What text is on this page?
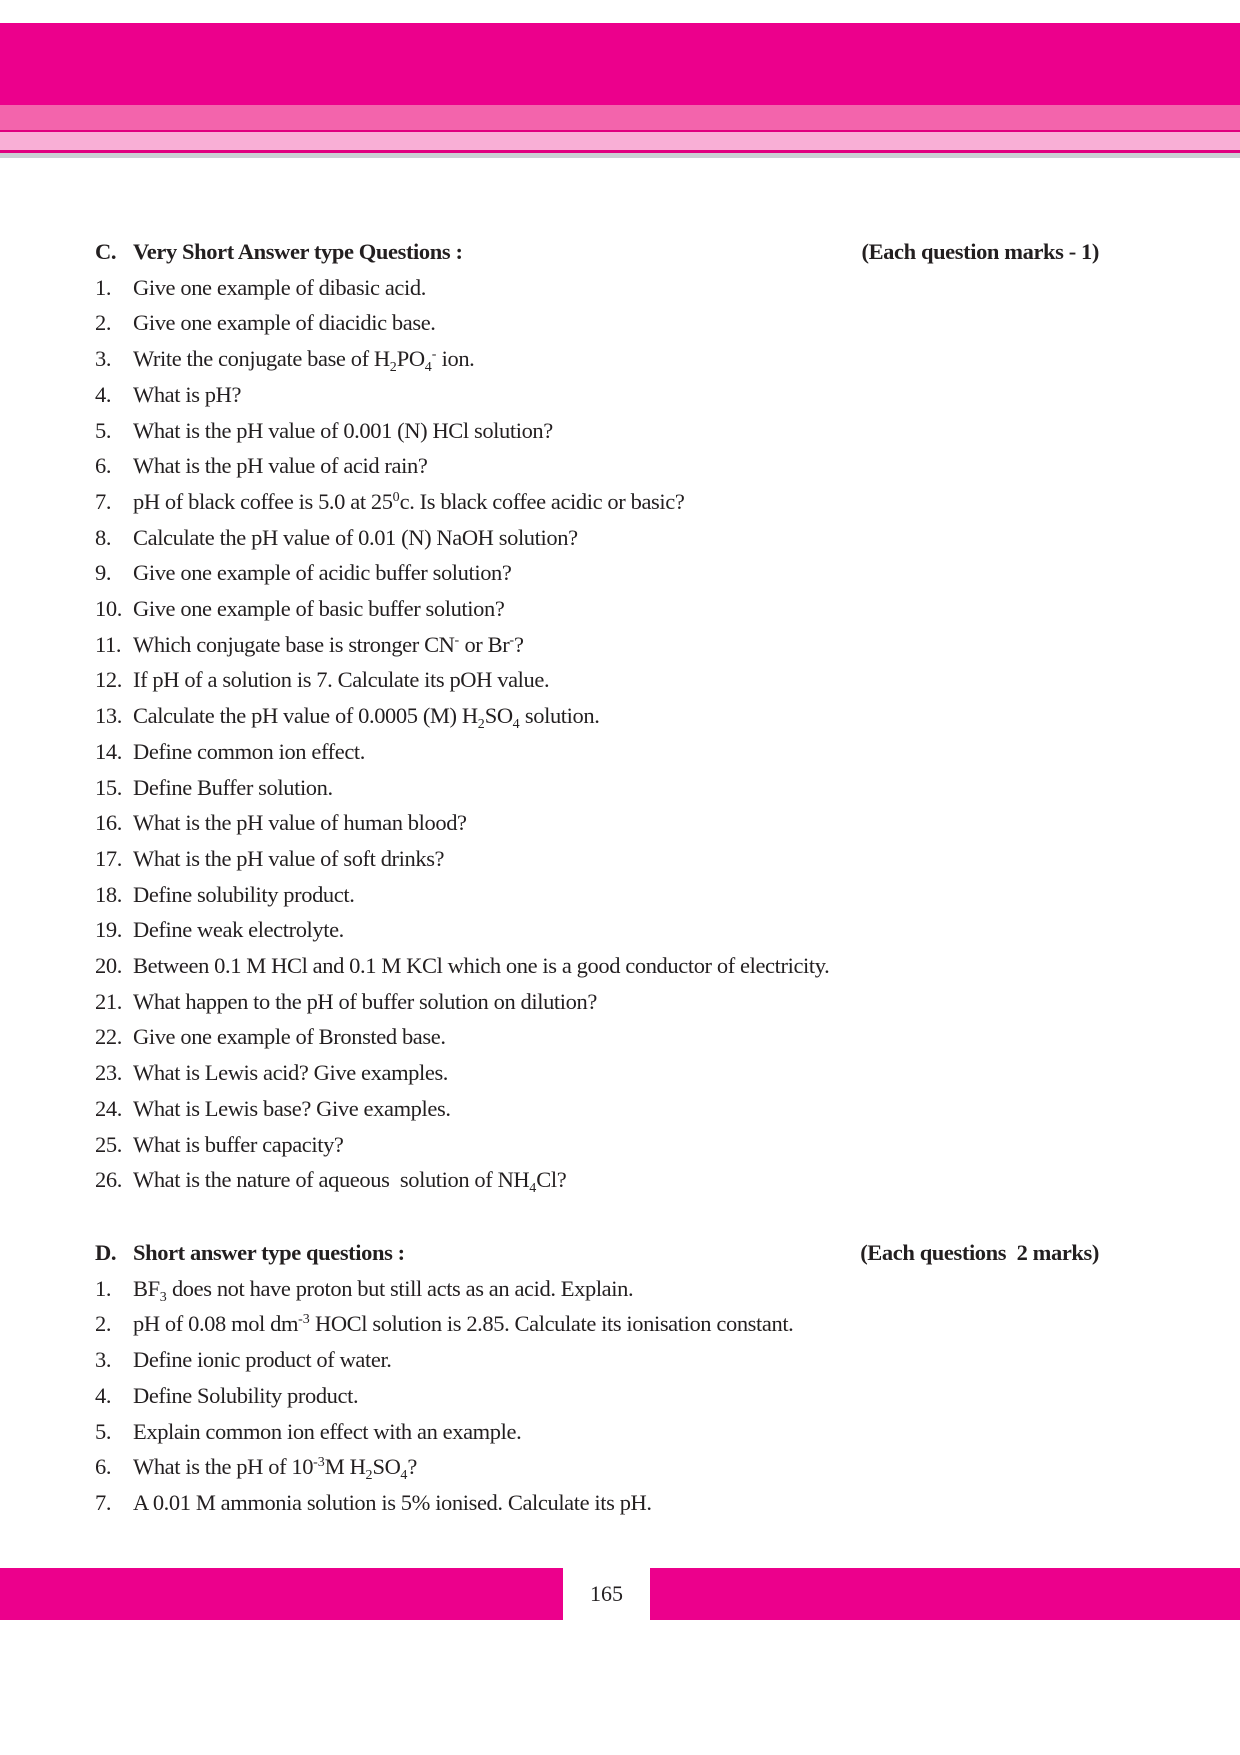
C. Very Short Answer type Questions :	(Each question marks - 1)
1. Give one example of dibasic acid.
2. Give one example of diacidic base.
3. Write the conjugate base of $H_2PO_4^-$ ion.
4. What is pH?
5. What is the pH value of 0.001 (N) HCl solution?
6. What is the pH value of acid rain?
7. pH of black coffee is 5.0 at $25^0c$. Is black coffee acidic or basic?
8. Calculate the pH value of 0.01 (N) NaOH solution?
9. Give one example of acidic buffer solution?
10. Give one example of basic buffer solution?
11. Which conjugate base is stronger CN- or Br-?
12. If pH of a solution is 7. Calculate its pOH value.
13. Calculate the pH value of 0.0005 (M) $H_2SO_4$ solution.
14. Define common ion effect.
15. Define Buffer solution.
16. What is the pH value of human blood?
17. What is the pH value of soft drinks?
18. Define solubility product.
19. Define weak electrolyte.
20. Between 0.1 M HCl and 0.1 M KCl which one is a good conductor of electricity.
21. What happen to the pH of buffer solution on dilution?
22. Give one example of Bronsted base.
23. What is Lewis acid? Give examples.
24. What is Lewis base? Give examples.
25. What is buffer capacity?
26. What is the nature of aqueous  solution of $NH_4Cl$?
D. Short answer type questions :	(Each questions  2 marks)
1. $BF_3$ does not have proton but still acts as an acid. Explain.
2. pH of 0.08 mol $dm^{-3}$ HOCl solution is 2.85. Calculate its ionisation constant.
3. Define ionic product of water.
4. Define Solubility product.
5. Explain common ion effect with an example.
6. What is the pH of $10^{-3}M$ $H_2SO_4$?
7. A 0.01 M ammonia solution is 5% ionised. Calculate its pH.
165
